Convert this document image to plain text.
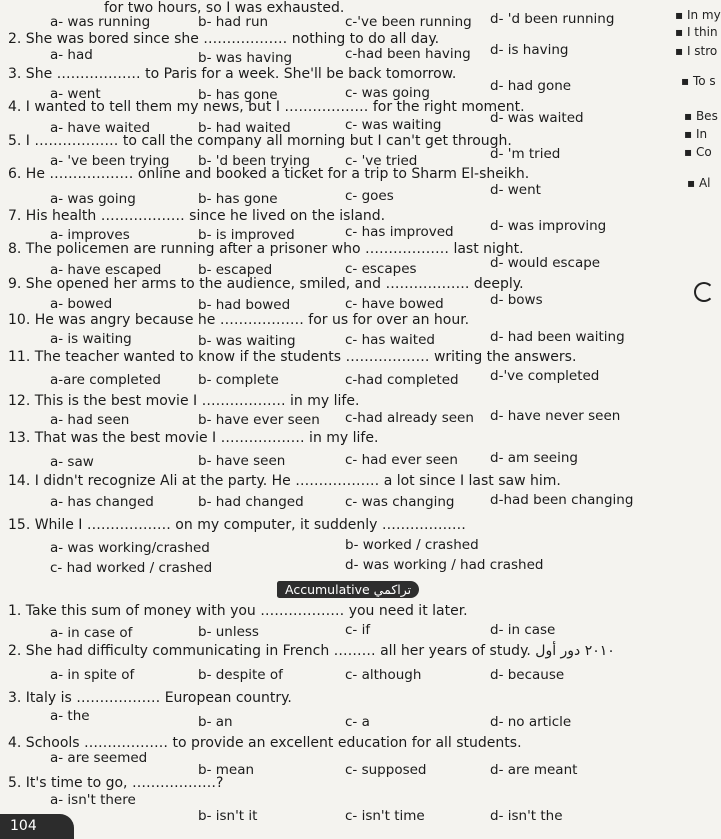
for two hours, so I was exhausted.
2. She was bored since she ……………… nothing to do all day.
3. She ……………… to Paris for a week. She'll be back tomorrow.
4. I wanted to tell them my news, but I ……………… for the right moment.
5. I ……………… to call the company all morning but I can't get through.
6. He ……………… online and booked a ticket for a trip to Sharm El-sheikh.
7. His health ……………… since he lived on the island.
8. The policemen are running after a prisoner who ……………… last night.
9. She opened her arms to the audience, smiled, and ……………… deeply.
10. He was angry because he ……………… for us for over an hour.
11. The teacher wanted to know if the students ……………… writing the answers.
12. This is the best movie I ……………… in my life.
13. That was the best movie I ……………… in my life.
14. I didn't recognize Ali at the party. He ……………… a lot since I last saw him.
15. While I ……………… on my computer, it suddenly ………………
1. Take this sum of money with you ……………… you need it later.
2. She had difficulty communicating in French ……… all her years of study. ٢٠١٠ دور أول
3. Italy is ……………… European country.
4. Schools ……………… to provide an excellent education for all students.
5. It's time to go, ………………?
a- was running	b- had run	c-'ve been running d- 'd been running
a- had	b- was having	c-had been having d- is having
a- went	b- has gone	c- was going	d- had gone
a- have waited	b- had waited	c- was waiting	d- was waited
a- 've been trying b- 'd been trying	c- 've tried	d- 'm tried
a- was going	b- has gone	c- goes	d- went
a- improves	b- is improved	c- has improved	d- was improving
a- have escaped	b- escaped	c- escapes	d- would escape
a- bowed	b- had bowed	c- have bowed	d- bows
a- is waiting	b- was waiting	c- has waited	d- had been waiting
a-are completed	b- complete	c-had completed d-'ve completed
a- had seen	b- have ever seen c-had already seen d- have never seen
a- saw	b- have seen	c- had ever seen d- am seeing
a- has changed	b- had changed	c- was changing	d-had been changing
a- was working/crashed	b- worked / crashed
c- had worked / crashed	d- was working / had crashed
a- in case of	b- unless	c- if	d- in case
a- in spite of	b- despite of	c- although	d- because
a- the	b- an	c- a	d- no article
a- are seemed
b- mean	c- supposed	d- are meant
a- isn't there
b- isn't it	c- isn't time	d- isn't the
▪ In my
▪ I thin
▪ I stro
▪ To s
▪ Bes
▪ In
▪ Co
▪ Al
Accumulative تراكمي
104
